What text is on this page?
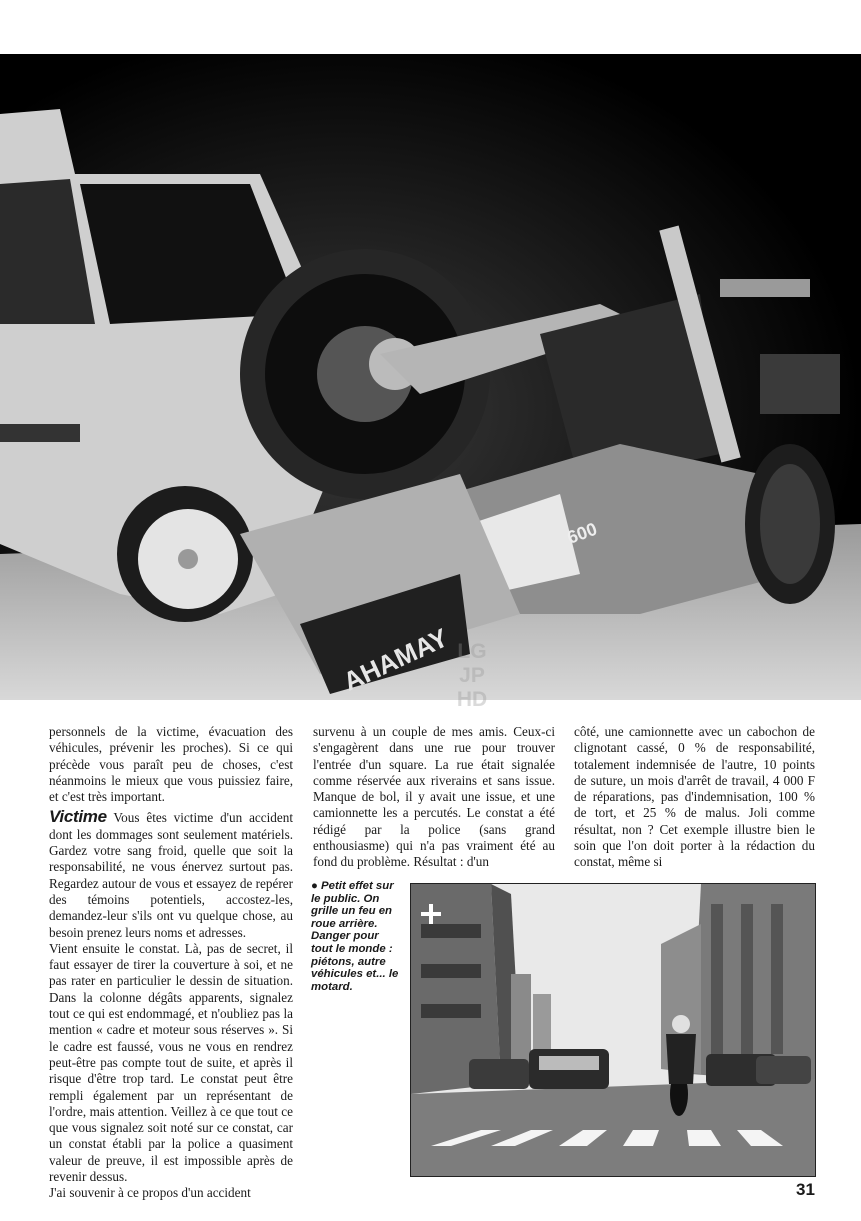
YAMAHA
600
LG
JP
HD

personnels de la victime, évacuation des véhicules, prévenir les proches). Si ce qui précède vous paraît peu de choses, c'est néanmoins le mieux que vous puissiez faire, et c'est très important.

Victime Vous êtes victime d'un accident dont les dommages sont seulement matériels. Gardez votre sang froid, quelle que soit la responsabilité, ne vous énervez surtout pas. Regardez autour de vous et essayez de repérer des témoins potentiels, accostez-les, demandez-leur s'ils ont vu quelque chose, au besoin prenez leurs noms et adresses.

Vient ensuite le constat. Là, pas de secret, il faut essayer de tirer la couverture à soi, et ne pas rater en particulier le dessin de situation. Dans la colonne dégâts apparents, signalez tout ce qui est endommagé, et n'oubliez pas la mention « cadre et moteur sous réserves ». Si le cadre est faussé, vous ne vous en rendrez peut-être pas compte tout de suite, et après il risque d'être trop tard. Le constat peut être rempli également par un représentant de l'ordre, mais attention. Veillez à ce que tout ce que vous signalez soit noté sur ce constat, car un constat établi par la police a quasiment valeur de preuve, il est impossible après de revenir dessus.

J'ai souvenir à ce propos d'un accident

survenu à un couple de mes amis. Ceux-ci s'engagèrent dans une rue pour trouver l'entrée d'un square. La rue était signalée comme réservée aux riverains et sans issue. Manque de bol, il y avait une issue, et une camionnette les a percutés. Le constat a été rédigé par la police (sans grand enthousiasme) qui n'a pas vraiment été au fond du problème. Résultat : d'un

côté, une camionnette avec un cabochon de clignotant cassé, 0 % de responsabilité, totalement indemnisée de l'autre, 10 points de suture, un mois d'arrêt de travail, 4 000 F de réparations, pas d'indemnisation, 100 % de tort, et 25 % de malus. Joli comme résultat, non ? Cet exemple illustre bien le soin que l'on doit porter à la rédaction du constat, même si

● Petit effet sur le public. On grille un feu en roue arrière. Danger pour tout le monde : piétons, autre véhicules et... le motard.
31
